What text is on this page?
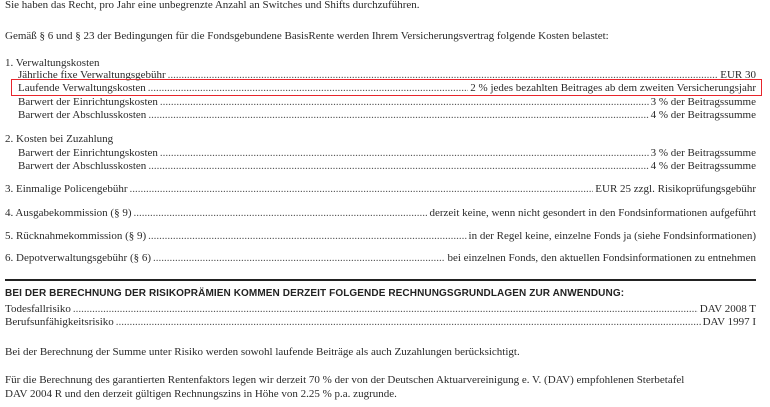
Sie haben das Recht, pro Jahr eine unbegrenzte Anzahl an Switches und Shifts durchzuführen.
Gemäß § 6 und § 23 der Bedingungen für die Fondsgebundene BasisRente werden Ihrem Versicherungsvertrag folgende Kosten belastet:
1. Verwaltungskosten
Jährliche fixe Verwaltungsgebühr .....	EUR 30
Laufende Verwaltungskosten .....	2 % jedes bezahlten Beitrages ab dem zweiten Versicherungsjahr
Barwert der Einrichtungskosten .....	3 % der Beitragssumme
Barwert der Abschlusskosten .....	4 % der Beitragssumme
2. Kosten bei Zuzahlung
Barwert der Einrichtungskosten .....	3 % der Beitragssumme
Barwert der Abschlusskosten .....	4 % der Beitragssumme
3. Einmalige Policengebühr .....	EUR 25 zzgl. Risikoprüfungsgebühr
4. Ausgabekommission (§ 9) .....	derzeit keine, wenn nicht gesondert in den Fondsinformationen aufgeführt
5. Rücknahmekommission (§ 9) .....	in der Regel keine, einzelne Fonds ja (siehe Fondsinformationen)
6. Depotverwaltungsgebühr (§ 6) .....	bei einzelnen Fonds, den aktuellen Fondsinformationen zu entnehmen
BEI DER BERECHNUNG DER RISIKOPRÄMIEN KOMMEN DERZEIT FOLGENDE RECHNUNGSGRUNDLAGEN ZUR ANWENDUNG:
Todesfallrisiko .....	DAV 2008 T
Berufsunfähigkeitsrisiko .....	DAV 1997 I
Bei der Berechnung der Summe unter Risiko werden sowohl laufende Beiträge als auch Zuzahlungen berücksichtigt.
Für die Berechnung des garantierten Rentenfaktors legen wir derzeit 70 % der von der Deutschen Aktuarvereinigung e. V. (DAV) empfohlenen Sterbetafel
DAV 2004 R und den derzeit gültigen Rechnungszins in Höhe von 2.25 % p.a. zugrunde.
